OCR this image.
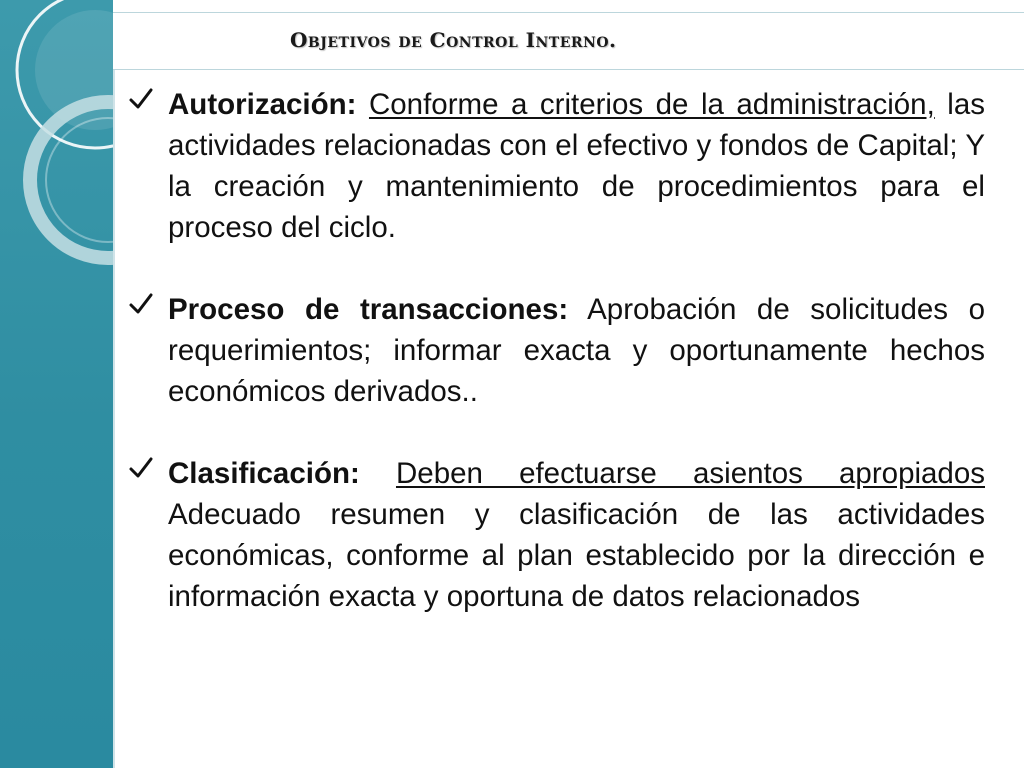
Objetivos de Control Interno.
Autorización: Conforme a criterios de la administración, las actividades relacionadas con el efectivo y fondos de Capital; Y la creación y mantenimiento de procedimientos para el proceso del ciclo.
Proceso de transacciones: Aprobación de solicitudes o requerimientos; informar exacta y oportunamente hechos económicos derivados..
Clasificación: Deben efectuarse asientos apropiados Adecuado resumen y clasificación de las actividades económicas, conforme al plan establecido por la dirección e información exacta y oportuna de datos relacionados
